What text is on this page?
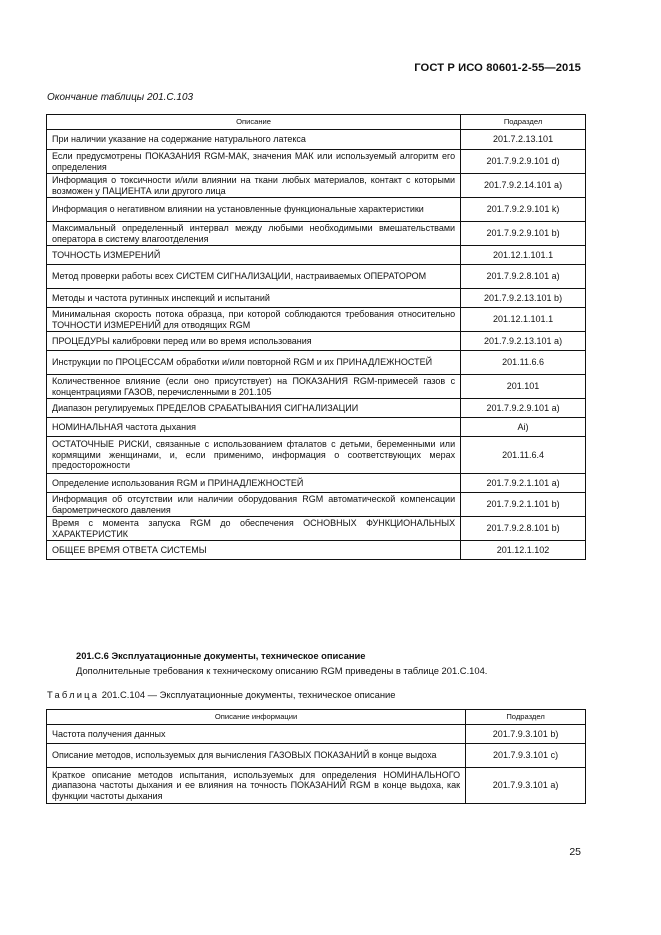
ГОСТ Р ИСО 80601-2-55—2015
Окончание таблицы 201.С.103
Описание	Подраздел
При наличии указание на содержание натурального латекса	201.7.2.13.101
Если предусмотрены ПОКАЗАНИЯ RGM-МАК, значения МАК или используемый алгоритм его определения	201.7.9.2.9.101 d)
Информация о токсичности и/или влиянии на ткани любых материалов, контакт с которыми возможен у ПАЦИЕНТА или другого лица	201.7.9.2.14.101 a)
Информация о негативном влиянии на установленные функциональные характеристики	201.7.9.2.9.101 k)
Максимальный определенный интервал между любыми необходимыми вмешательствами оператора в систему влагоотделения	201.7.9.2.9.101 b)
ТОЧНОСТЬ ИЗМЕРЕНИЙ	201.12.1.101.1
Метод проверки работы всех СИСТЕМ СИГНАЛИЗАЦИИ, настраиваемых ОПЕРАТОРОМ	201.7.9.2.8.101 a)
Методы и частота рутинных инспекций и испытаний	201.7.9.2.13.101 b)
Минимальная скорость потока образца, при которой соблюдаются требования относительно ТОЧНОСТИ ИЗМЕРЕНИЙ для отводящих RGM	201.12.1.101.1
ПРОЦЕДУРЫ калибровки перед или во время использования	201.7.9.2.13.101 a)
Инструкции по ПРОЦЕССАМ обработки и/или повторной RGM и их ПРИНАДЛЕЖНОСТЕЙ	201.11.6.6
Количественное влияние (если оно присутствует) на ПОКАЗАНИЯ RGM-примесей газов с концентрациями ГАЗОВ, перечисленными в 201.105	201.101
Диапазон регулируемых ПРЕДЕЛОВ СРАБАТЫВАНИЯ СИГНАЛИЗАЦИИ	201.7.9.2.9.101 a)
НОМИНАЛЬНАЯ частота дыхания	Ai)
ОСТАТОЧНЫЕ РИСКИ, связанные с использованием фталатов с детьми, беременными или кормящими женщинами, и, если применимо, информация о соответствующих мерах предосторожности	201.11.6.4
Определение использования RGM и ПРИНАДЛЕЖНОСТЕЙ	201.7.9.2.1.101 a)
Информация об отсутствии или наличии оборудования RGM автоматической компенсации барометрического давления	201.7.9.2.1.101 b)
Время с момента запуска RGM до обеспечения ОСНОВНЫХ ФУНКЦИОНАЛЬНЫХ ХАРАКТЕРИСТИК	201.7.9.2.8.101 b)
ОБЩЕЕ ВРЕМЯ ОТВЕТА СИСТЕМЫ	201.12.1.102
201.С.6 Эксплуатационные документы, техническое описание
Дополнительные требования к техническому описанию RGM приведены в таблице 201.С.104.
Таблица 201.С.104 — Эксплуатационные документы, техническое описание
Описание информации	Подраздел
Частота получения данных	201.7.9.3.101 b)
Описание методов, используемых для вычисления ГАЗОВЫХ ПОКАЗАНИЙ в конце выдоха	201.7.9.3.101 c)
Краткое описание методов испытания, используемых для определения НОМИНАЛЬНОГО диапазона частоты дыхания и ее влияния на точность ПОКАЗАНИЙ RGM в конце выдоха, как функции частоты дыхания	201.7.9.3.101 a)
25
